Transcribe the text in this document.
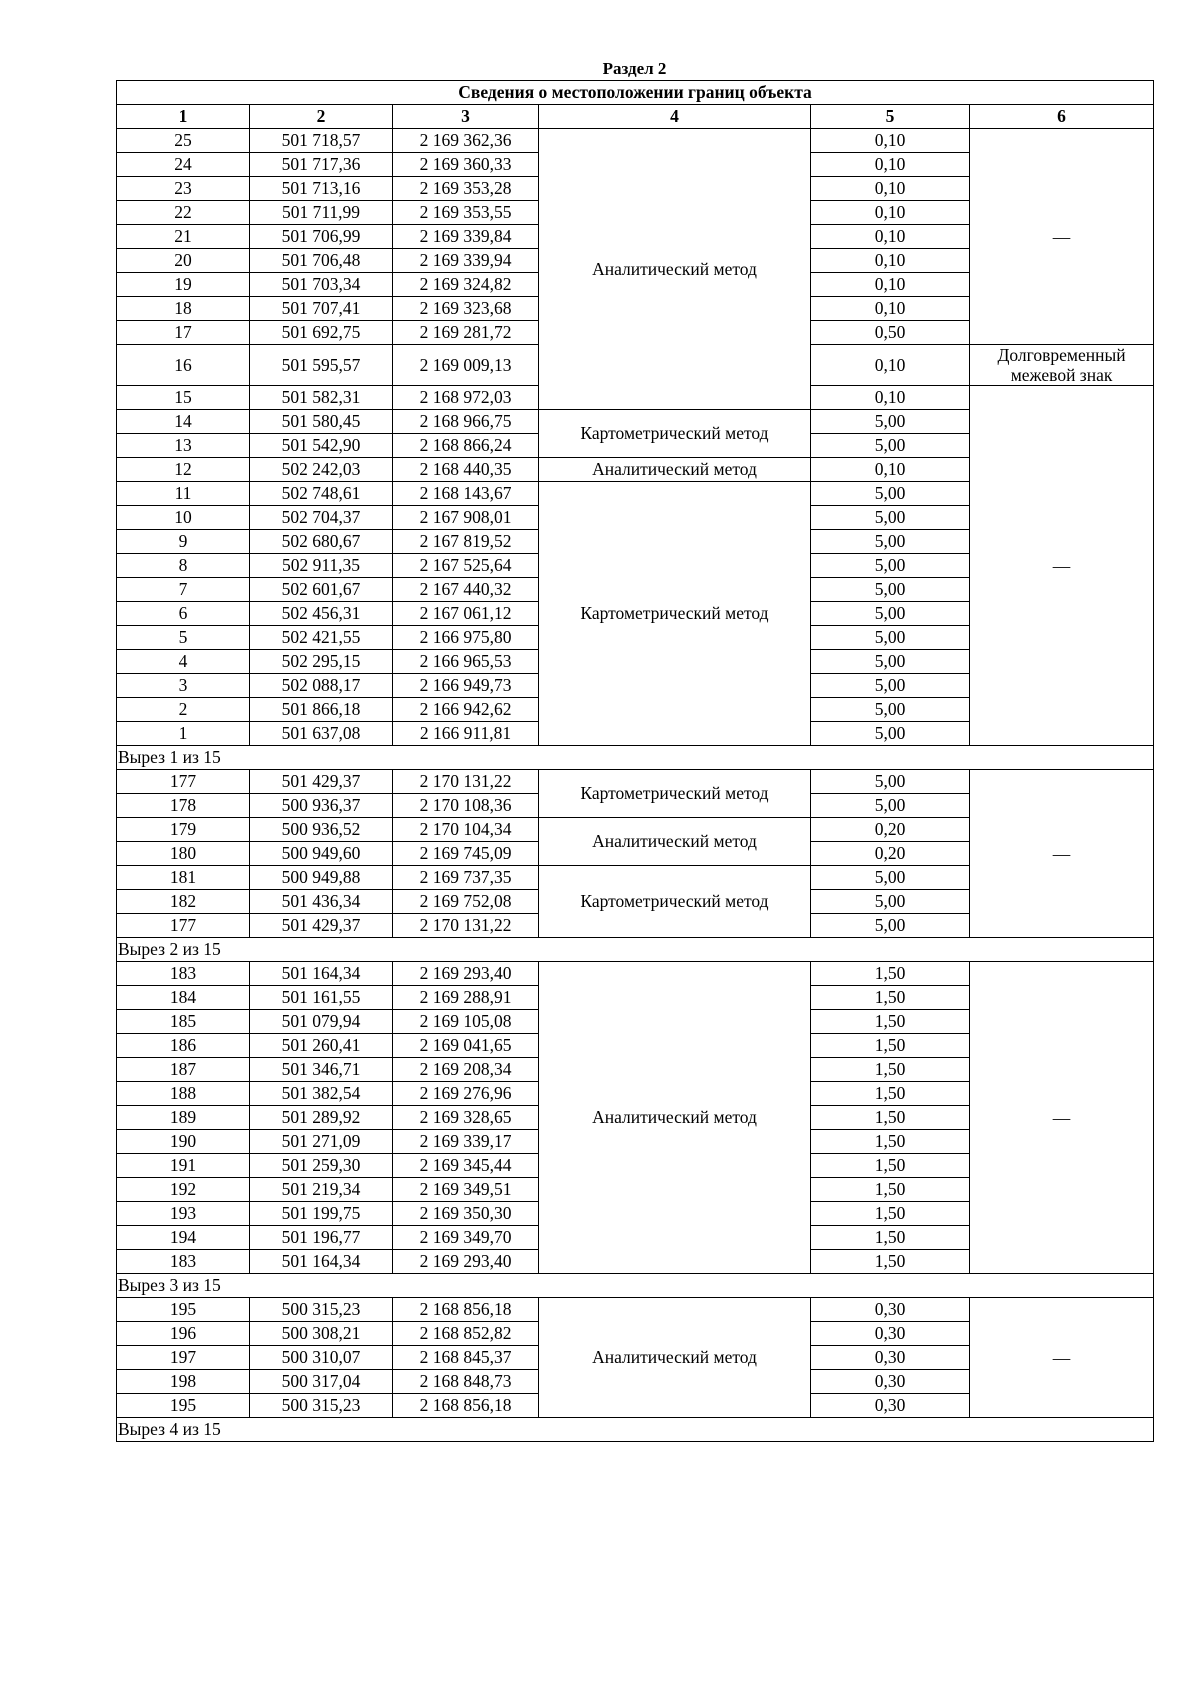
Раздел 2
Сведения о местоположении границ объекта					
1	2	3	4	5	6
25	501 718,57	2 169 362,36	Аналитический метод	0,10	—
24	501 717,36	2 169 360,33		0,10	
23	501 713,16	2 169 353,28		0,10	
22	501 711,99	2 169 353,55		0,10	
21	501 706,99	2 169 339,84		0,10	
20	501 706,48	2 169 339,94		0,10	
19	501 703,34	2 169 324,82		0,10	
18	501 707,41	2 169 323,68		0,10	
17	501 692,75	2 169 281,72		0,50	
16	501 595,57	2 169 009,13		0,10	Долговременный межевой знак
15	501 582,31	2 168 972,03		0,10	—
14	501 580,45	2 168 966,75	Картометрический метод	5,00	
13	501 542,90	2 168 866,24		5,00	
12	502 242,03	2 168 440,35	Аналитический метод	0,10	
11	502 748,61	2 168 143,67	Картометрический метод	5,00	
10	502 704,37	2 167 908,01		5,00	
9	502 680,67	2 167 819,52		5,00	
8	502 911,35	2 167 525,64		5,00	
7	502 601,67	2 167 440,32		5,00	
6	502 456,31	2 167 061,12		5,00	
5	502 421,55	2 166 975,80		5,00	
4	502 295,15	2 166 965,53		5,00	
3	502 088,17	2 166 949,73		5,00	
2	501 866,18	2 166 942,62		5,00	
1	501 637,08	2 166 911,81		5,00	
Вырез 1 из 15					
177	501 429,37	2 170 131,22	Картометрический метод	5,00	—
178	500 936,37	2 170 108,36		5,00	
179	500 936,52	2 170 104,34	Аналитический метод	0,20	
180	500 949,60	2 169 745,09		0,20	
181	500 949,88	2 169 737,35	Картометрический метод	5,00	
182	501 436,34	2 169 752,08		5,00	
177	501 429,37	2 170 131,22		5,00	
Вырез 2 из 15					
183	501 164,34	2 169 293,40	Аналитический метод	1,50	—
184	501 161,55	2 169 288,91		1,50	
185	501 079,94	2 169 105,08		1,50	
186	501 260,41	2 169 041,65		1,50	
187	501 346,71	2 169 208,34		1,50	
188	501 382,54	2 169 276,96		1,50	
189	501 289,92	2 169 328,65		1,50	
190	501 271,09	2 169 339,17		1,50	
191	501 259,30	2 169 345,44		1,50	
192	501 219,34	2 169 349,51		1,50	
193	501 199,75	2 169 350,30		1,50	
194	501 196,77	2 169 349,70		1,50	
183	501 164,34	2 169 293,40		1,50	
Вырез 3 из 15					
195	500 315,23	2 168 856,18	Аналитический метод	0,30	—
196	500 308,21	2 168 852,82		0,30	
197	500 310,07	2 168 845,37		0,30	
198	500 317,04	2 168 848,73		0,30	
195	500 315,23	2 168 856,18		0,30	
Вырез 4 из 15					
